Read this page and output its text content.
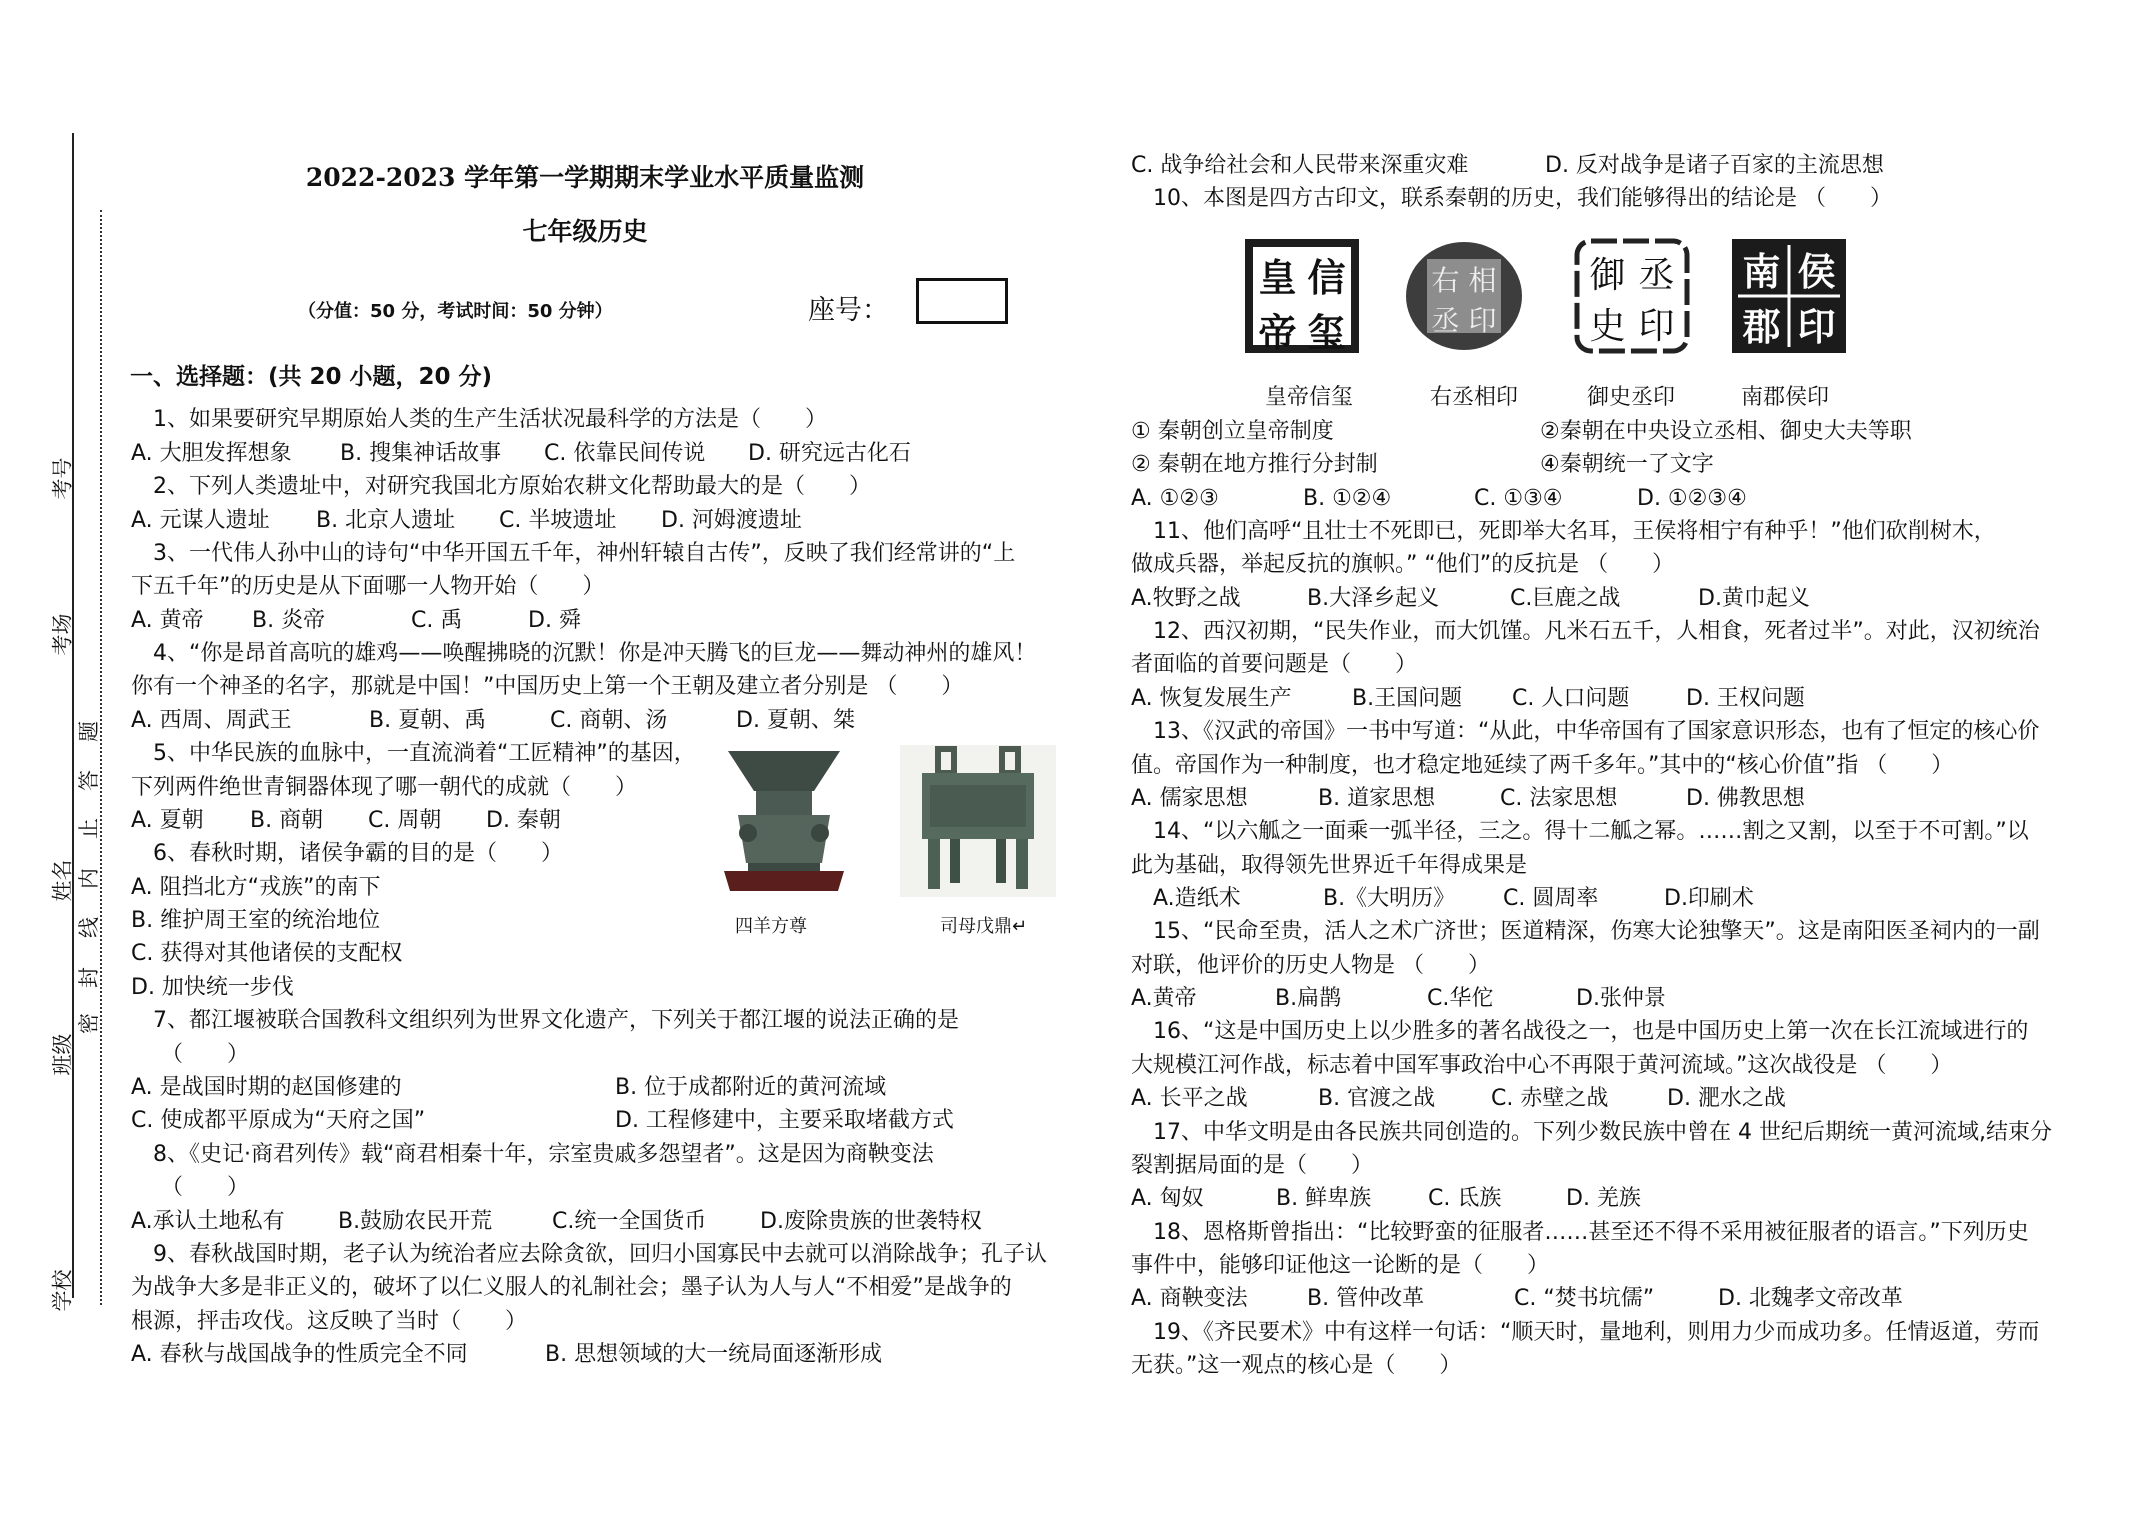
考号
考场
姓名
班级
学校
密
封
线
内
止
答
题
2022-2023 学年第一学期期末学业水平质量监测
七年级历史
（分值：50 分，考试时间：50 分钟）	座号：
一、选择题：(共 20 小题，20 分)
1、如果要研究早期原始人类的生产生活状况最科学的方法是（　　）
A. 大胆发挥想象 B. 搜集神话故事 C. 依靠民间传说 D. 研究远古化石
2、下列人类遗址中，对研究我国北方原始农耕文化帮助最大的是（　　）
A. 元谋人遗址 B. 北京人遗址 C. 半坡遗址 D. 河姆渡遗址
3、一代伟人孙中山的诗句“中华开国五千年，神州轩辕自古传”，反映了我们经常讲的“上
下五千年”的历史是从下面哪一人物开始（　　）
A. 黄帝 B. 炎帝	C. 禹	D. 舜
4、“你是昂首高吭的雄鸡——唤醒拂晓的沉默！你是冲天腾飞的巨龙——舞动神州的雄风！
你有一个神圣的名字，那就是中国！”中国历史上第一个王朝及建立者分别是 （　　）
A. 西周、周武王	B. 夏朝、禹	C. 商朝、汤	D. 夏朝、桀
5、中华民族的血脉中，一直流淌着“工匠精神”的基因，
下列两件绝世青铜器体现了哪一朝代的成就（　　）
A. 夏朝 B. 商朝 C. 周朝 D. 秦朝
四羊方尊	司母戊鼎↵
6、春秋时期，诸侯争霸的目的是（　　）
A. 阻挡北方“戎族”的南下
B. 维护周王室的统治地位
C. 获得对其他诸侯的支配权
D. 加快统一步伐
7、都江堰被联合国教科文组织列为世界文化遗产，下列关于都江堰的说法正确的是
（　　）
A. 是战国时期的赵国修建的	B. 位于成都附近的黄河流域
C. 使成都平原成为“天府之国”	D. 工程修建中，主要采取堵截方式
8、《史记·商君列传》载“商君相秦十年，宗室贵戚多怨望者”。这是因为商鞅变法
（　　）
A.承认土地私有 B.鼓励农民开荒	C.统一全国货币 D.废除贵族的世袭特权
9、春秋战国时期，老子认为统治者应去除贪欲，回归小国寡民中去就可以消除战争；孔子认
为战争大多是非正义的，破坏了以仁义服人的礼制社会；墨子认为人与人“不相爱”是战争的
根源，抨击攻伐。这反映了当时（　　）
A. 春秋与战国战争的性质完全不同	B. 思想领域的大一统局面逐渐形成
C. 战争给社会和人民带来深重灾难	D. 反对战争是诸子百家的主流思想
10、本图是四方古印文，联系秦朝的历史，我们能够得出的结论是 （　　）
皇
帝
信
玺
右
丞
相
印
御
史
丞
印
南
郡
侯
印
皇帝信玺	右丞相印	御史丞印	南郡侯印
① 秦朝创立皇帝制度	②秦朝在中央设立丞相、御史大夫等职
② 秦朝在地方推行分封制	④秦朝统一了文字
A. ①②③	B. ①②④	C. ①③④	D. ①②③④
11、他们高呼“且壮士不死即已，死即举大名耳，王侯将相宁有种乎！”他们砍削树木，
做成兵器，举起反抗的旗帜。” “他们”的反抗是 （　　）
A.牧野之战	B.大泽乡起义	C.巨鹿之战	D.黄巾起义
12、西汉初期，“民失作业，而大饥馑。凡米石五千，人相食，死者过半”。对此，汉初统治
者面临的首要问题是（　　）
A. 恢复发展生产	B.王国问题 C. 人口问题	D. 王权问题
13、《汉武的帝国》一书中写道：“从此，中华帝国有了国家意识形态，也有了恒定的核心价
值。帝国作为一种制度，也才稳定地延续了两千多年。”其中的“核心价值”指 （　　）
A. 儒家思想	B. 道家思想	C. 法家思想	D. 佛教思想
14、“以六觚之一面乘一弧半径，三之。得十二觚之幂。……割之又割，以至于不可割。”以
此为基础，取得领先世界近千年得成果是
A.造纸术	B.《大明历》 C. 圆周率	D.印刷术
15、“民命至贵，活人之术广济世；医道精深，伤寒大论独擎天”。这是南阳医圣祠内的一副
对联，他评价的历史人物是 （　　）
A.黄帝	B.扁鹊	C.华佗	D.张仲景
16、“这是中国历史上以少胜多的著名战役之一，也是中国历史上第一次在长江流域进行的
大规模江河作战，标志着中国军事政治中心不再限于黄河流域。”这次战役是 （　　）
A. 长平之战	B. 官渡之战	C. 赤壁之战	D. 淝水之战
17、中华文明是由各民族共同创造的。下列少数民族中曾在 4 世纪后期统一黄河流域,结束分
裂割据局面的是（　　）
A. 匈奴	B. 鲜卑族	C. 氐族	D. 羌族
18、恩格斯曾指出：“比较野蛮的征服者……甚至还不得不采用被征服者的语言。”下列历史
事件中，能够印证他这一论断的是（　　）
A. 商鞅变法	B. 管仲改革	C. “焚书坑儒”	D. 北魏孝文帝改革
19、《齐民要术》中有这样一句话：“顺天时，量地利，则用力少而成功多。任情返道，劳而
无获。”这一观点的核心是（　　）
